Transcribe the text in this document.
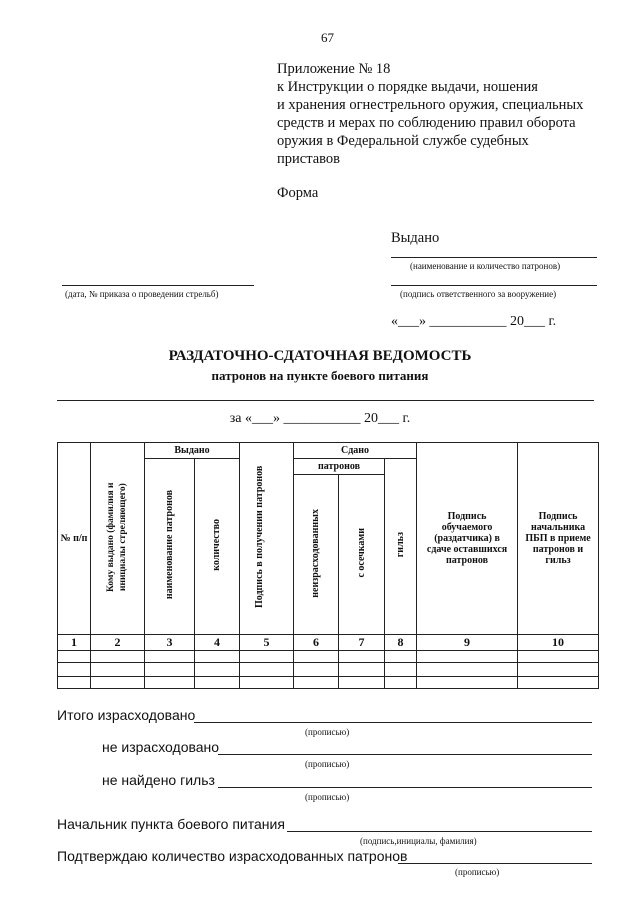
67
Приложение № 18
к Инструкции о порядке выдачи, ношения
и хранения огнестрельного оружия, специальных
средств и мерах по соблюдению правил оборота
оружия в Федеральной службе судебных
приставов
Форма
Выдано
(наименование и количество патронов)
(дата, № приказа о проведении стрельб)	(подпись ответственного за вооружение)
«___» ___________ 20___ г.
РАЗДАТОЧНО-СДАТОЧНАЯ ВЕДОМОСТЬ
патронов на пункте боевого питания
за «___» ___________ 20___ г.
№ п/п	Кому выдано (фамилия и инициалы стреляющего)	Выдано		Подпись в получении патронов	Сдано			Подпись обучаемого (раздатчика) в сдаче оставшихся патронов	Подпись начальника ПБП в приеме патронов и гильз
		наименование патронов	количество		патронов		гильз		
					неизрасходованных	с осечками			
1	2	3	4	5	6	7	8	9	10

Итого израсходовано
(прописью)
не израсходовано
(прописью)
не найдено гильз
(прописью)
Начальник пункта боевого питания
(подпись,инициалы, фамилия)
Подтверждаю количество израсходованных патронов
(прописью)
